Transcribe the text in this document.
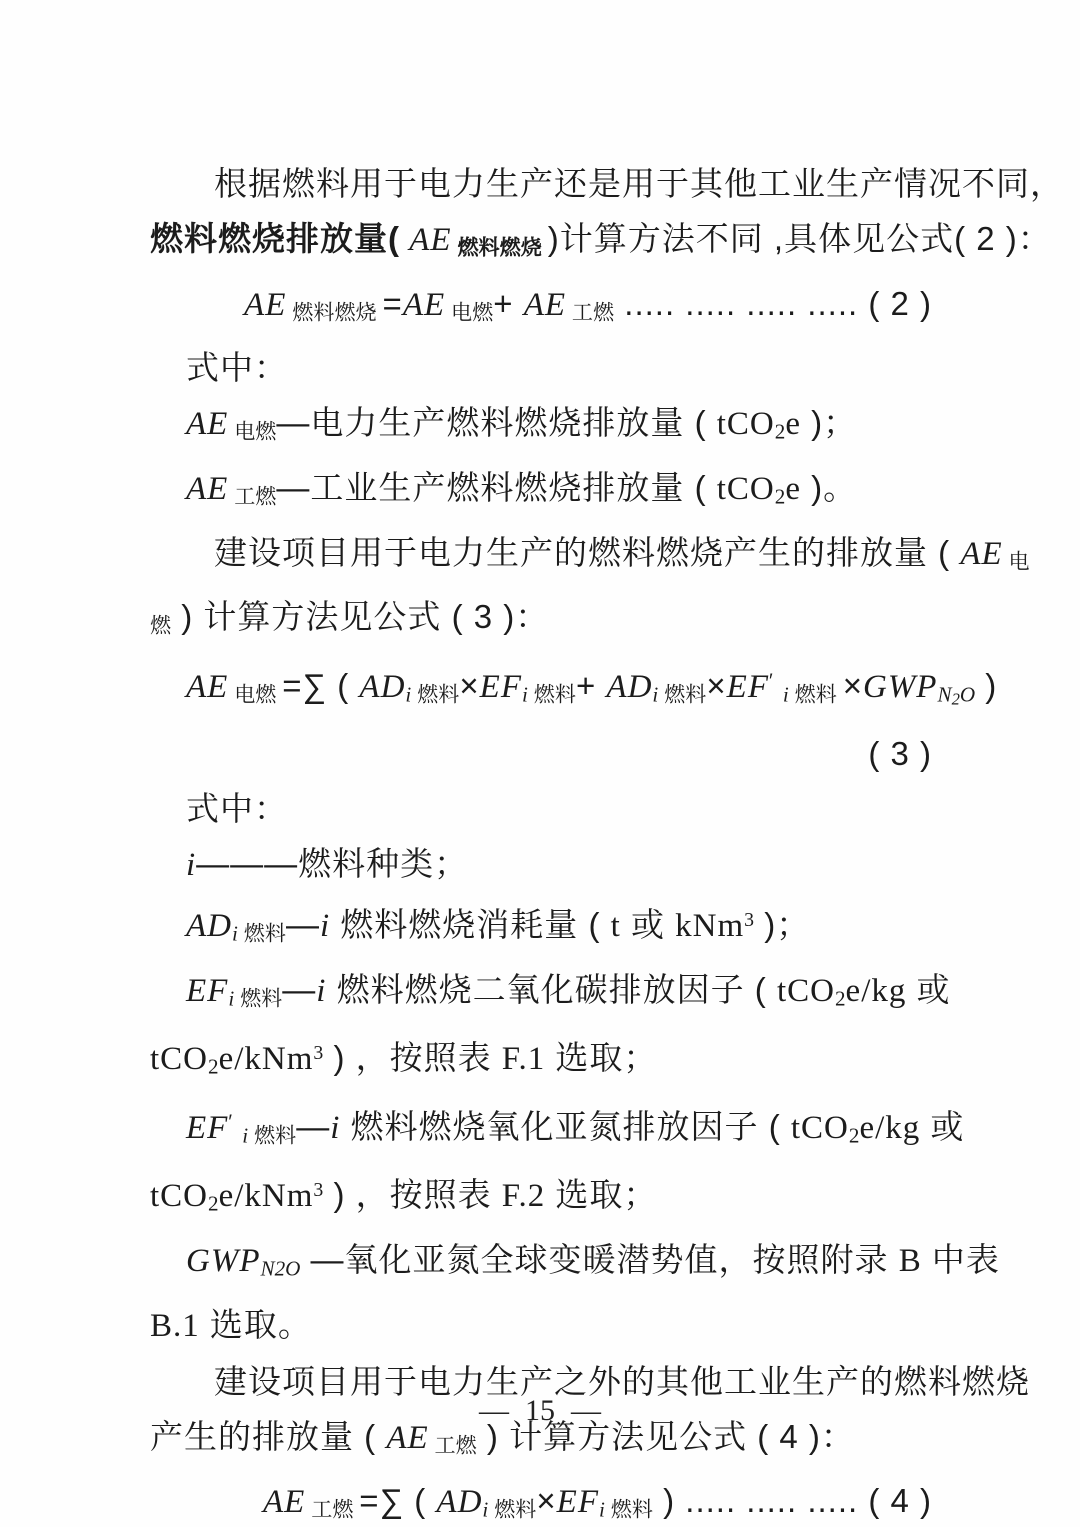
根据燃料用于电力生产还是用于其他工业生产情况不同，

燃料燃烧排放量( AE 燃料燃烧 )计算方法不同 ,具体见公式( 2 )：

AE 燃料燃烧 =AE 电燃+ AE 工燃 ..... ..... ..... ..... ( 2 )

式中：

AE 电燃—电力生产燃料燃烧排放量 ( tCO2e )；

AE 工燃—工业生产燃料燃烧排放量 ( tCO2e )。

建设项目用于电力生产的燃料燃烧产生的排放量 ( AE 电

燃 ) 计算方法见公式 ( 3 )：

AE 电燃 =∑ ( ADi 燃料×EFi 燃料+ ADi 燃料×EF′ i 燃料 $\times GWPN_2O$ )

( 3 )

式中：

i———燃料种类；

ADi 燃料—i 燃料燃烧消耗量 ( t 或 kNm$^3$ )；

EFi 燃料—i 燃料燃烧二氧化碳排放因子 ( tCO2e/kg 或

tCO2e/kNm$^3$ ) ，按照表 F.1 选取；

EF′ i 燃料—i 燃料燃烧氧化亚氮排放因子 ( tCO2e/kg 或

tCO2e/kNm$^3$ ) ，按照表 F.2 选取；

GWPN2O —氧化亚氮全球变暖潜势值，按照附录 B 中表

B.1 选取。

建设项目用于电力生产之外的其他工业生产的燃料燃烧

产生的排放量 ( AE 工燃 ) 计算方法见公式 ( 4 )：

AE 工燃 =∑ ( ADi 燃料×EFi 燃料 ) ..... ..... ..... ( 4 )

— 15 —
